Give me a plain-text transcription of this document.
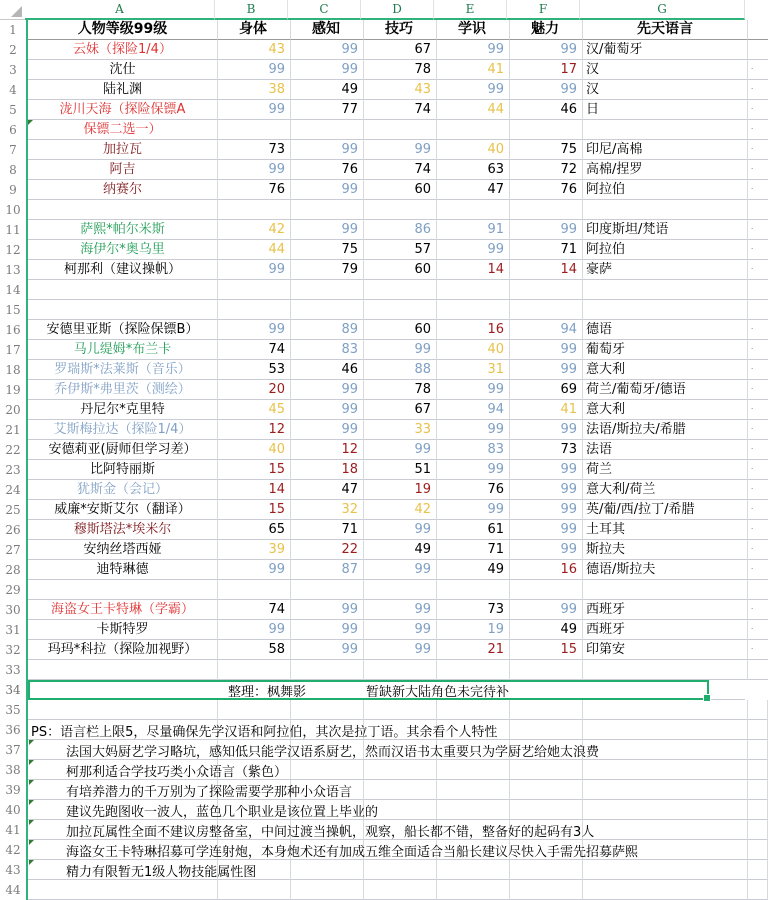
A	B	C	D	E	F	G
1	人物等级99级	身体	感知	技巧	学识	魅力	先天语言
2	云妹（探险1/4）	43	99	67	99	99 汉/葡萄牙
3	沈仕	99	99	78	41	17 汉	·
4	陆礼渊	38	49	43	99	99 汉	·
5	泷川天海（探险保镖A	99	77	74	44	46 日	·
6	保镖二选一）	·
7	加拉瓦	73	99	99	40	75 印尼/高棉	·
8	阿吉	99	76	74	63	72 高棉/捏罗	·
9	纳赛尔	76	99	60	47	76 阿拉伯	·
10
11	萨熙*帕尔米斯	42	99	86	91	99 印度斯坦/梵语	·
12	海伊尔*奥乌里	44	75	57	99	71 阿拉伯	·
13	柯那利（建议操帆）	99	79	60	14	14 豪萨	·
14
15
16	安德里亚斯（探险保镖B）	99	89	60	16	94 德语	·
17	马儿缇姆*布兰卡	74	83	99	40	99 葡萄牙	·
18	罗瑞斯*法莱斯（音乐）	53	46	88	31	99 意大利	·
19	乔伊斯*弗里茨（测绘）	20	99	78	99	69 荷兰/葡萄牙/德语	·
20	丹尼尔*克里特	45	99	67	94	41 意大利	·
21	艾斯梅拉达（探险1/4）	12	99	33	99	99 法语/斯拉夫/希腊	·
22	安德莉亚(厨师但学习差）	40	12	99	83	73 法语	·
23	比阿特丽斯	15	18	51	99	99 荷兰	·
24	犹斯金（会记）	14	47	19	76	99 意大利/荷兰	·
25	威廉*安斯艾尔（翻译）	15	32	42	99	99 英/葡/西/拉丁/希腊	·
26	穆斯塔法*埃米尔	65	71	99	61	99 土耳其	·
27	安纳丝塔西娅	39	22	49	71	99 斯拉夫	·
28	迪特琳德	99	87	99	49	16 德语/斯拉夫	·
29
30	海盗女王卡特琳（学霸）	74	99	99	73	99 西班牙	·
31	卡斯特罗	99	99	99	19	49 西班牙	·
32	玛玛*科拉（探险加视野）	58	99	99	21	15 印第安	·
33
34	整理：枫舞影	暂缺新大陆角色未完待补
35
36 PS：语言栏上限5，尽量确保先学汉语和阿拉伯，其次是拉丁语。其余看个人特性
37	法国大妈厨艺学习略坑，感知低只能学汉语系厨艺，然而汉语书太重要只为学厨艺给她太浪费
38	柯那利适合学技巧类小众语言（紫色）
39	有培养潜力的千万别为了探险需要学那种小众语言
40	建议先跑图收一波人，蓝色几个职业是该位置上毕业的
41	加拉瓦属性全面不建议房整备室，中间过渡当操帆，观察，船长都不错，整备好的起码有3人
42	海盗女王卡特琳招募可学连射炮，本身炮术还有加成五维全面适合当船长建议尽快入手需先招募萨熙
43	精力有限暂无1级人物技能属性图
44
